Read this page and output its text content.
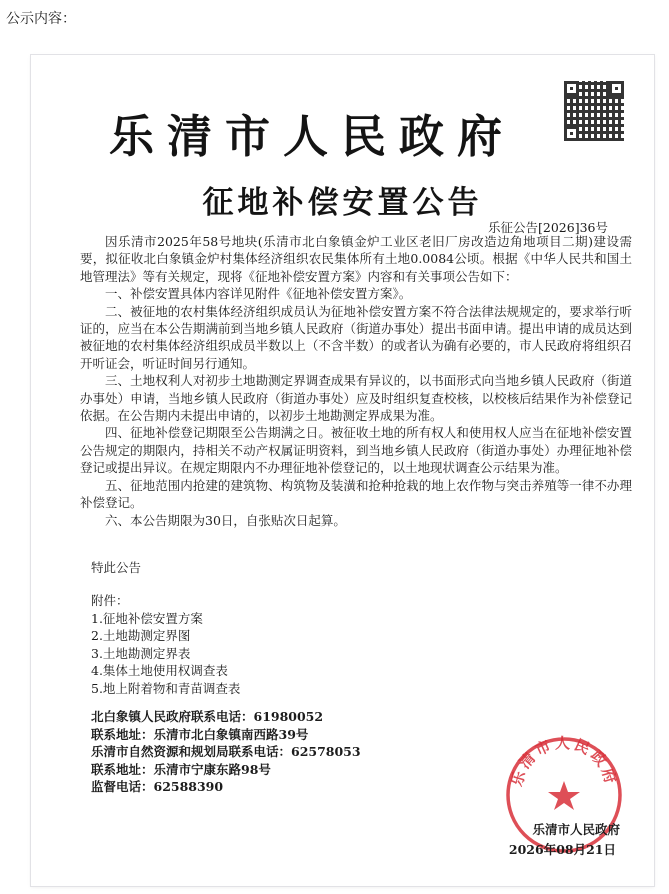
公示内容：
乐清市人民政府
征地补偿安置公告
乐征公告[2026]36号

因乐清市2025年58号地块(乐清市北白象镇金炉工业区老旧厂房改造边角地项目二期)建设需要，拟征收北白象镇金炉村集体经济组织农民集体所有土地0.0084公顷。根据《中华人民共和国土地管理法》等有关规定，现将《征地补偿安置方案》内容和有关事项公告如下：

一、补偿安置具体内容详见附件《征地补偿安置方案》。

二、被征地的农村集体经济组织成员认为征地补偿安置方案不符合法律法规规定的，要求举行听证的，应当在本公告期满前到当地乡镇人民政府（街道办事处）提出书面申请。提出申请的成员达到被征地的农村集体经济组织成员半数以上（不含半数）的或者认为确有必要的，市人民政府将组织召开听证会，听证时间另行通知。

三、土地权利人对初步土地勘测定界调查成果有异议的，以书面形式向当地乡镇人民政府（街道办事处）申请，当地乡镇人民政府（街道办事处）应及时组织复查校核，以校核后结果作为补偿登记依据。在公告期内未提出申请的，以初步土地勘测定界成果为准。

四、征地补偿登记期限至公告期满之日。被征收土地的所有权人和使用权人应当在征地补偿安置公告规定的期限内，持相关不动产权属证明资料，到当地乡镇人民政府（街道办事处）办理征地补偿登记或提出异议。在规定期限内不办理征地补偿登记的，以土地现状调查公示结果为准。

五、征地范围内抢建的建筑物、构筑物及装潢和抢种抢栽的地上农作物与突击养殖等一律不办理补偿登记。

六、本公告期限为30日，自张贴次日起算。

特此公告
附件：
1.征地补偿安置方案
2.土地勘测定界图
3.土地勘测定界表
4.集体土地使用权调查表
5.地上附着物和青苗调查表
北白象镇人民政府联系电话：61980052
联系地址：乐清市北白象镇南西路39号
乐清市自然资源和规划局联系电话：62578053
联系地址：乐清市宁康东路98号
监督电话：62588390	乐清市人民政府
乐清市人民政府
2026年08月21日
